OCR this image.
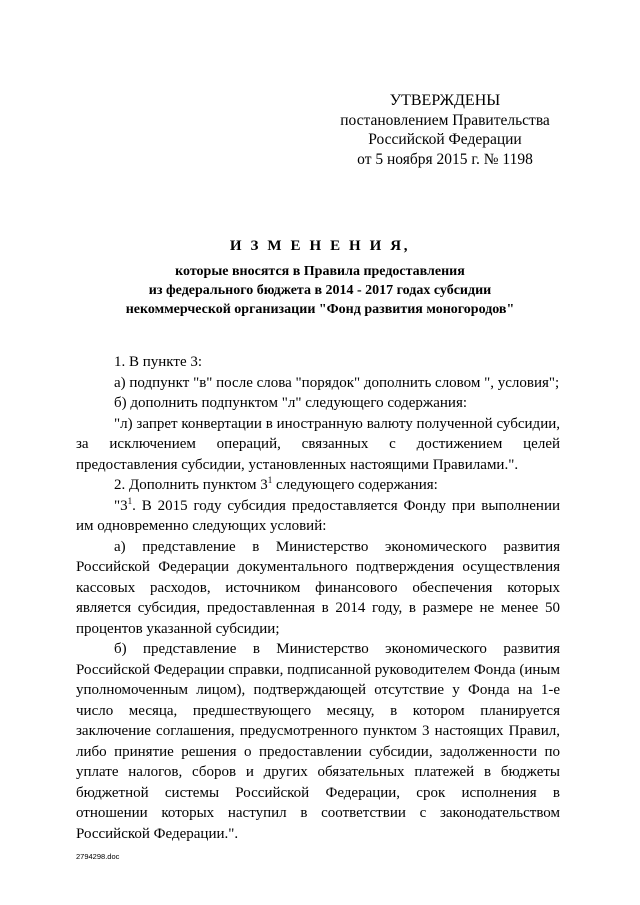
УТВЕРЖДЕНЫ
постановлением Правительства
Российской Федерации
от 5 ноября 2015 г. № 1198
И З М Е Н Е Н И Я,
которые вносятся в Правила предоставления
из федерального бюджета в 2014 - 2017 годах субсидии
некоммерческой организации "Фонд развития моногородов"

1. В пункте 3:

а) подпункт "в" после слова "порядок" дополнить словом ", условия";

б) дополнить подпунктом "л" следующего содержания:

"л) запрет конвертации в иностранную валюту полученной субсидии, за исключением операций, связанных с достижением целей предоставления субсидии, установленных настоящими Правилами.".

2. Дополнить пунктом 3$^1$ следующего содержания:

"3$^1$. В 2015 году субсидия предоставляется Фонду при выполнении им одновременно следующих условий:

а) представление в Министерство экономического развития Российской Федерации документального подтверждения осуществления кассовых расходов, источником финансового обеспечения которых является субсидия, предоставленная в 2014 году, в размере не менее 50 процентов указанной субсидии;

б) представление в Министерство экономического развития Российской Федерации справки, подписанной руководителем Фонда (иным уполномоченным лицом), подтверждающей отсутствие у Фонда на 1-е число месяца, предшествующего месяцу, в котором планируется заключение соглашения, предусмотренного пунктом 3 настоящих Правил, либо принятие решения о предоставлении субсидии, задолженности по уплате налогов, сборов и других обязательных платежей в бюджеты бюджетной системы Российской Федерации, срок исполнения в отношении которых наступил в соответствии с законодательством Российской Федерации.".

2794298.doc
